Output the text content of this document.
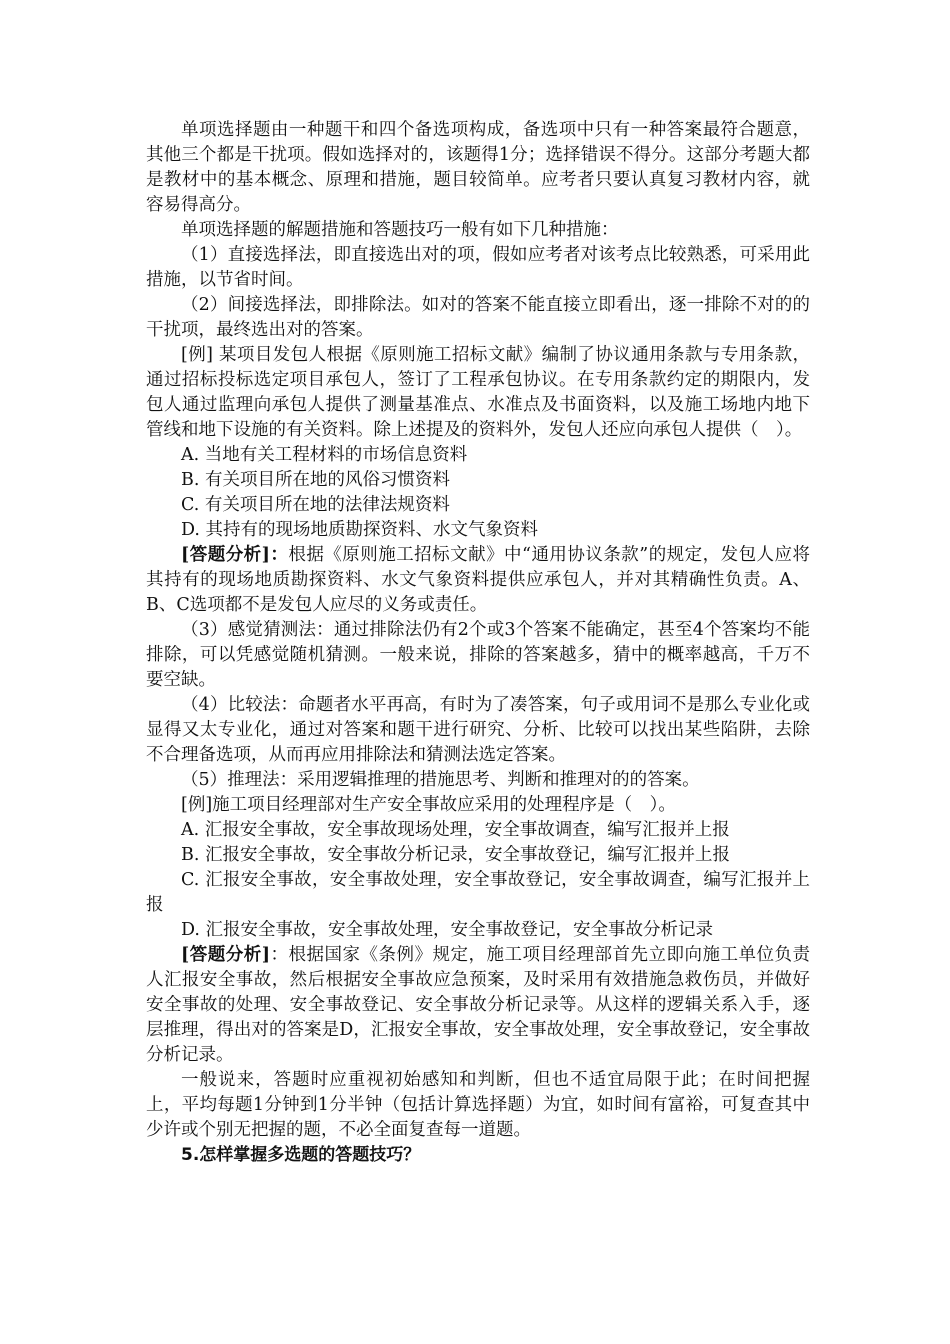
单项选择题由一种题干和四个备选项构成，备选项中只有一种答案最符合题意，其他三个都是干扰项。假如选择对的，该题得1分；选择错误不得分。这部分考题大都是教材中的基本概念、原理和措施，题目较简单。应考者只要认真复习教材内容，就容易得高分。

单项选择题的解题措施和答题技巧一般有如下几种措施：

（1）直接选择法，即直接选出对的项，假如应考者对该考点比较熟悉，可采用此措施，以节省时间。

（2）间接选择法，即排除法。如对的答案不能直接立即看出，逐一排除不对的的干扰项，最终选出对的答案。

[例] 某项目发包人根据《原则施工招标文献》编制了协议通用条款与专用条款，通过招标投标选定项目承包人，签订了工程承包协议。在专用条款约定的期限内，发包人通过监理向承包人提供了测量基准点、水准点及书面资料，以及施工场地内地下管线和地下设施的有关资料。除上述提及的资料外，发包人还应向承包人提供（　）。

A. 当地有关工程材料的市场信息资料

B. 有关项目所在地的风俗习惯资料

C. 有关项目所在地的法律法规资料

D. 其持有的现场地质勘探资料、水文气象资料

[答题分析]：根据《原则施工招标文献》中“通用协议条款”的规定，发包人应将其持有的现场地质勘探资料、水文气象资料提供应承包人，并对其精确性负责。A、B、C选项都不是发包人应尽的义务或责任。

（3）感觉猜测法：通过排除法仍有2个或3个答案不能确定，甚至4个答案均不能排除，可以凭感觉随机猜测。一般来说，排除的答案越多，猜中的概率越高，千万不要空缺。

（4）比较法：命题者水平再高，有时为了凑答案，句子或用词不是那么专业化或显得又太专业化，通过对答案和题干进行研究、分析、比较可以找出某些陷阱，去除不合理备选项，从而再应用排除法和猜测法选定答案。

（5）推理法：采用逻辑推理的措施思考、判断和推理对的的答案。

[例]施工项目经理部对生产安全事故应采用的处理程序是（　）。

A. 汇报安全事故，安全事故现场处理，安全事故调查，编写汇报并上报

B. 汇报安全事故，安全事故分析记录，安全事故登记，编写汇报并上报

C. 汇报安全事故，安全事故处理，安全事故登记，安全事故调查，编写汇报并上报

D. 汇报安全事故，安全事故处理，安全事故登记，安全事故分析记录

[答题分析]：根据国家《条例》规定，施工项目经理部首先立即向施工单位负责人汇报安全事故，然后根据安全事故应急预案，及时采用有效措施急救伤员，并做好安全事故的处理、安全事故登记、安全事故分析记录等。从这样的逻辑关系入手，逐层推理，得出对的答案是D，汇报安全事故，安全事故处理，安全事故登记，安全事故分析记录。

一般说来，答题时应重视初始感知和判断，但也不适宜局限于此；在时间把握上，平均每题1分钟到1分半钟（包括计算选择题）为宜，如时间有富裕，可复查其中少许或个别无把握的题，不必全面复查每一道题。

5.怎样掌握多选题的答题技巧？
